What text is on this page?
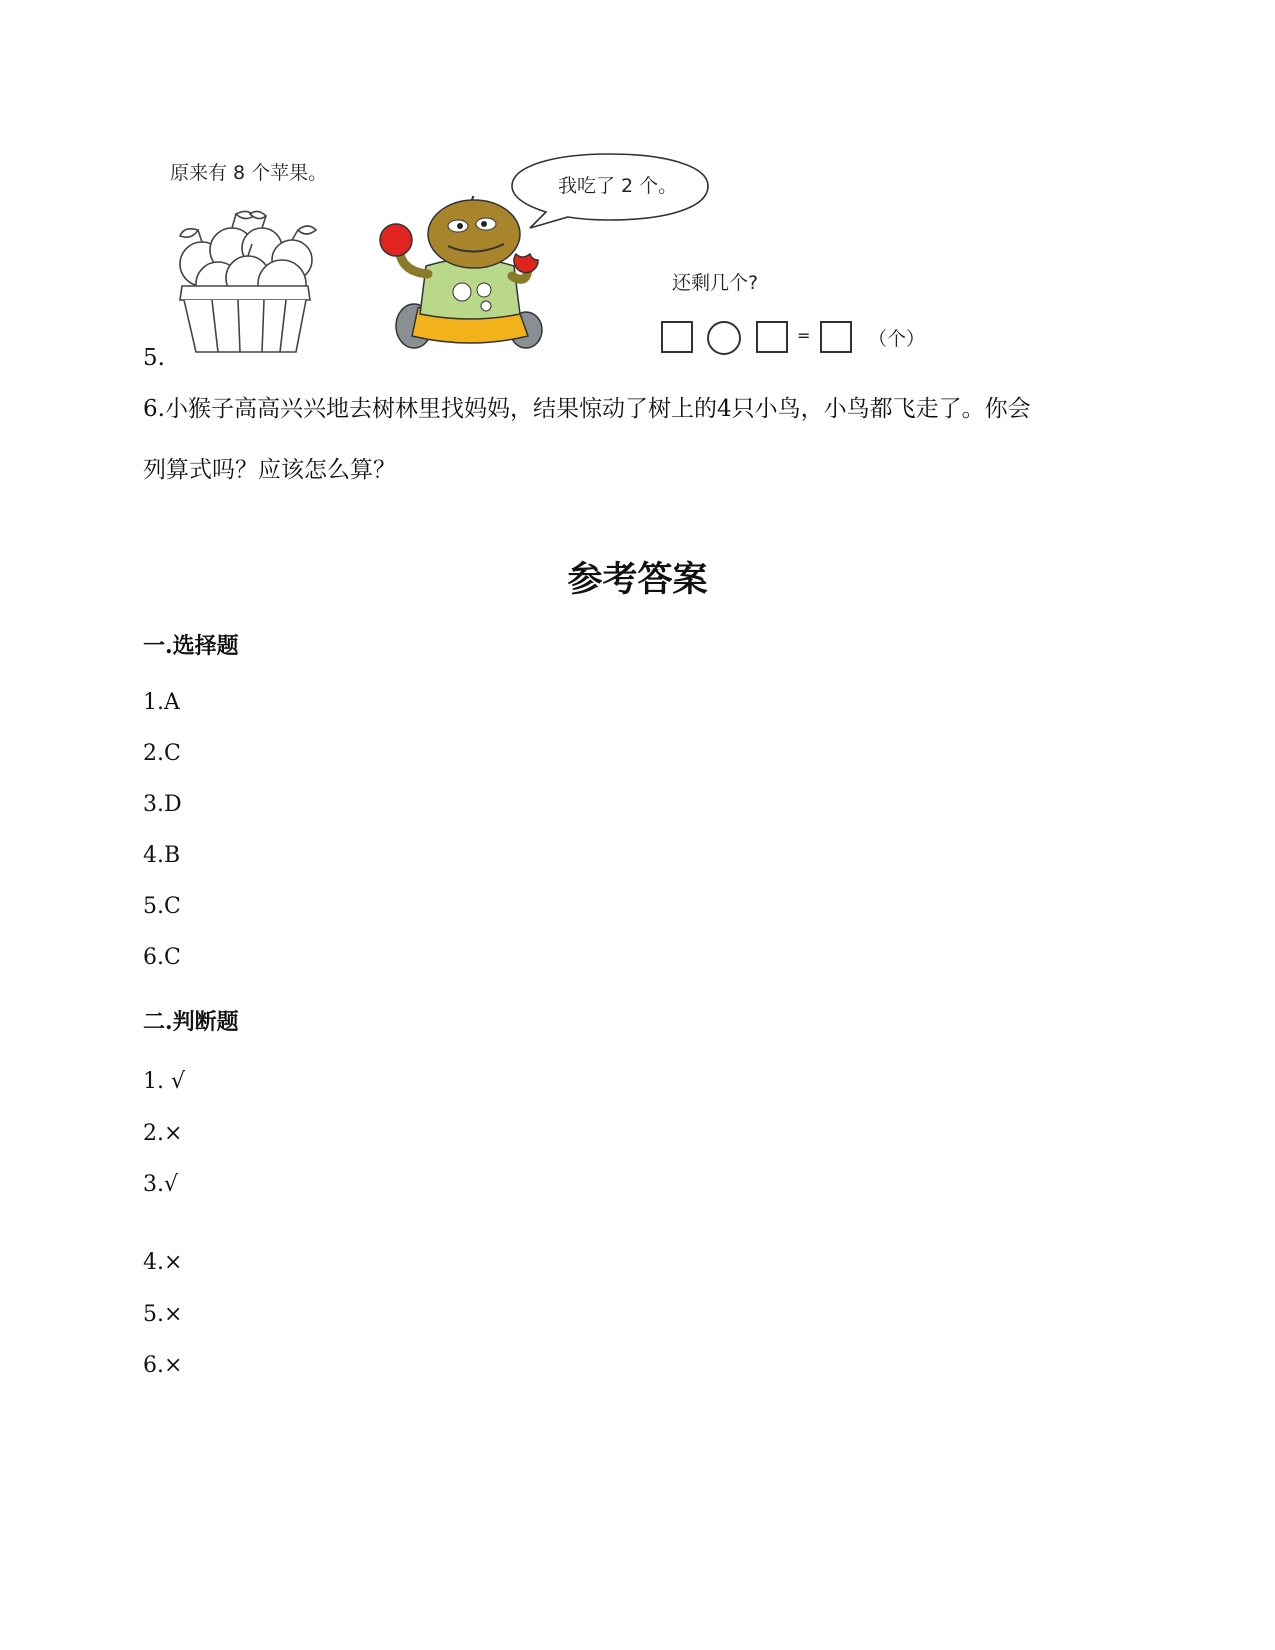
原来有 8 个苹果。
我吃了 2 个。
还剩几个?
=	（个）
5.
6.小猴子高高兴兴地去树林里找妈妈，结果惊动了树上的4只小鸟，小鸟都飞走了。你会
列算式吗？应该怎么算？
参考答案
一.选择题
1.A
2.C
3.D
4.B
5.C
6.C
二.判断题
1. √
2.×
3.√
4.×
5.×
6.×
